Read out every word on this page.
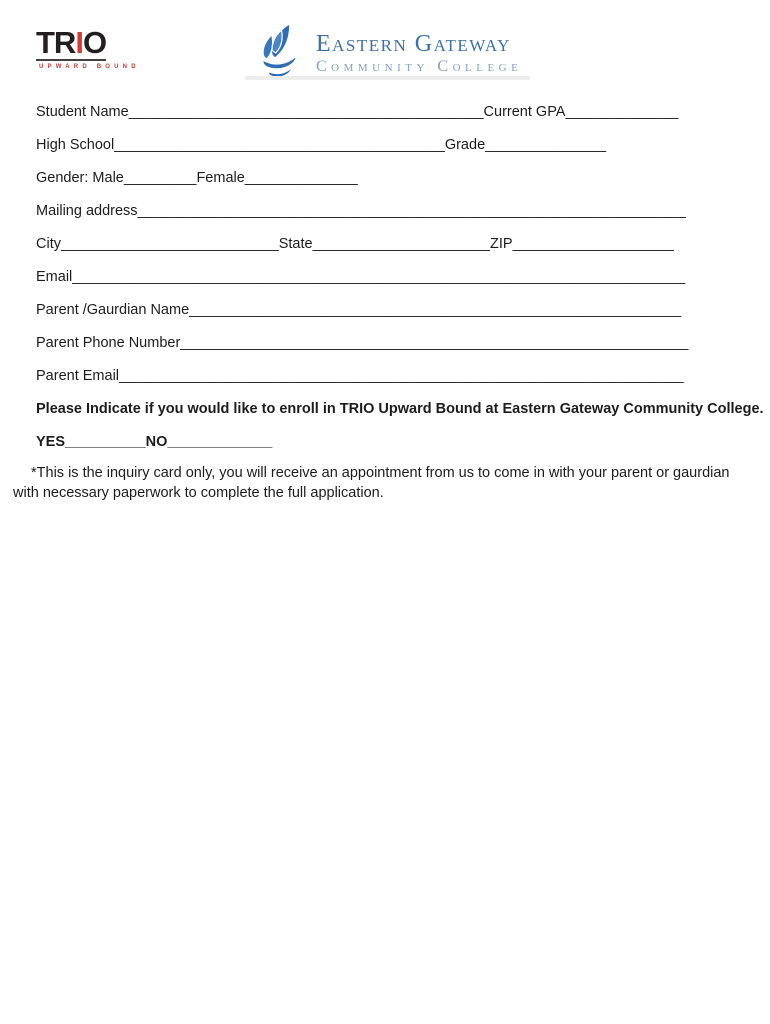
TRIO
UPWARD BOUND
Eastern Gateway
Community College
Student Name____________________________________________Current GPA______________
High School_________________________________________Grade_______________
Gender: Male_________Female______________
Mailing address____________________________________________________________________
City___________________________State______________________ZIP____________________
Email____________________________________________________________________________
Parent /Gaurdian Name_____________________________________________________________
Parent Phone Number_______________________________________________________________
Parent Email______________________________________________________________________

Please Indicate if you would like to enroll in TRIO Upward Bound at Eastern Gateway Community College.

YES__________NO_____________

*This is the inquiry card only, you will receive an appointment from us to come in with your parent or gaurdian with necessary paperwork to complete the full application.
